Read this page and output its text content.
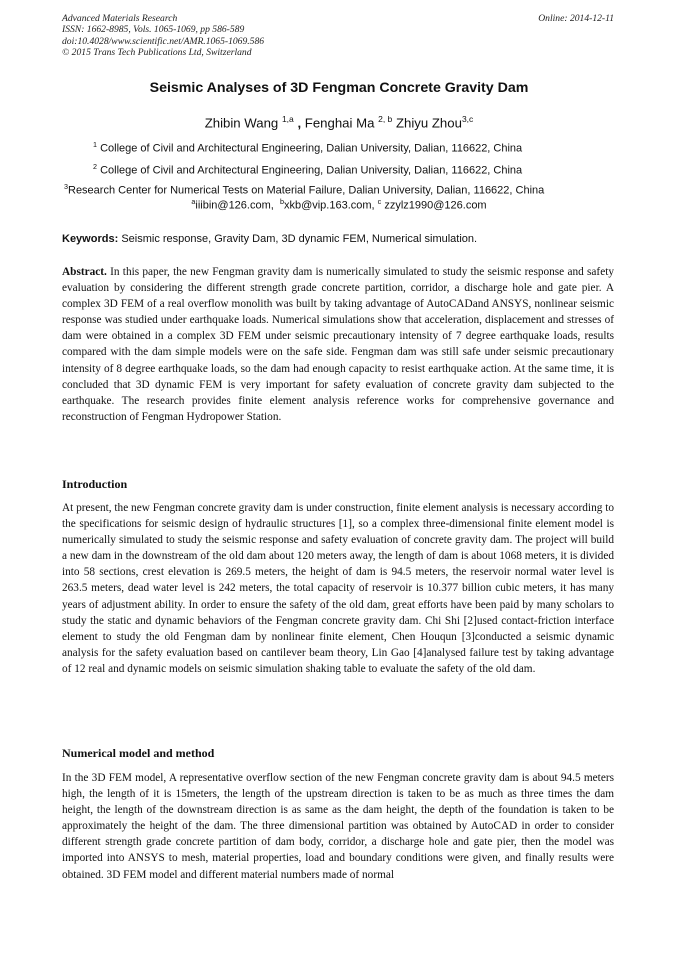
Advanced Materials Research
ISSN: 1662-8985, Vols. 1065-1069, pp 586-589
doi:10.4028/www.scientific.net/AMR.1065-1069.586
© 2015 Trans Tech Publications Ltd, Switzerland
Online: 2014-12-11
Seismic Analyses of 3D Fengman Concrete Gravity Dam
Zhibin Wang $^{1,a}$ , Fenghai Ma $^{2, b}$ Zhiyu Zhou$^{3,c}$
$^1$ College of Civil and Architectural Engineering, Dalian University, Dalian, 116622, China
$^2$ College of Civil and Architectural Engineering, Dalian University, Dalian, 116622, China
$^3$Research Center for Numerical Tests on Material Failure, Dalian University, Dalian, 116622, China
$^a$iiibin@126.com, $^b$xkb@vip.163.com, $^c$ zzylz1990@126.com
Keywords: Seismic response, Gravity Dam, 3D dynamic FEM, Numerical simulation.
Abstract. In this paper, the new Fengman gravity dam is numerically simulated to study the seismic response and safety evaluation by considering the different strength grade concrete partition, corridor, a discharge hole and gate pier. A complex 3D FEM of a real overflow monolith was built by taking advantage of AutoCADand ANSYS, nonlinear seismic response was studied under earthquake loads. Numerical simulations show that acceleration, displacement and stresses of dam were obtained in a complex 3D FEM under seismic precautionary intensity of 7 degree earthquake loads, results compared with the dam simple models were on the safe side. Fengman dam was still safe under seismic precautionary intensity of 8 degree earthquake loads, so the dam had enough capacity to resist earthquake action. At the same time, it is concluded that 3D dynamic FEM is very important for safety evaluation of concrete gravity dam subjected to the earthquake. The research provides finite element analysis reference works for comprehensive governance and reconstruction of Fengman Hydropower Station.
Introduction
At present, the new Fengman concrete gravity dam is under construction, finite element analysis is necessary according to the specifications for seismic design of hydraulic structures [1], so a complex three-dimensional finite element model is numerically simulated to study the seismic response and safety evaluation of concrete gravity dam. The project will build a new dam in the downstream of the old dam about 120 meters away, the length of dam is about 1068 meters, it is divided into 58 sections, crest elevation is 269.5 meters, the height of dam is 94.5 meters, the reservoir normal water level is 263.5 meters, dead water level is 242 meters, the total capacity of reservoir is 10.377 billion cubic meters, it has many years of adjustment ability. In order to ensure the safety of the old dam, great efforts have been paid by many scholars to study the static and dynamic behaviors of the Fengman concrete gravity dam. Chi Shi [2]used contact-friction interface element to study the old Fengman dam by nonlinear finite element, Chen Houqun [3]conducted a seismic dynamic analysis for the safety evaluation based on cantilever beam theory, Lin Gao [4]analysed failure test by taking advantage of 12 real and dynamic models on seismic simulation shaking table to evaluate the safety of the old dam.
Numerical model and method
In the 3D FEM model, A representative overflow section of the new Fengman concrete gravity dam is about 94.5 meters high, the length of it is 15meters, the length of the upstream direction is taken to be as much as three times the dam height, the length of the downstream direction is as same as the dam height, the depth of the foundation is taken to be approximately the height of the dam. The three dimensional partition was obtained by AutoCAD in order to consider different strength grade concrete partition of dam body, corridor, a discharge hole and gate pier, then the model was imported into ANSYS to mesh, material properties, load and boundary conditions were given, and finally results were obtained. 3D FEM model and different material numbers made of normal
